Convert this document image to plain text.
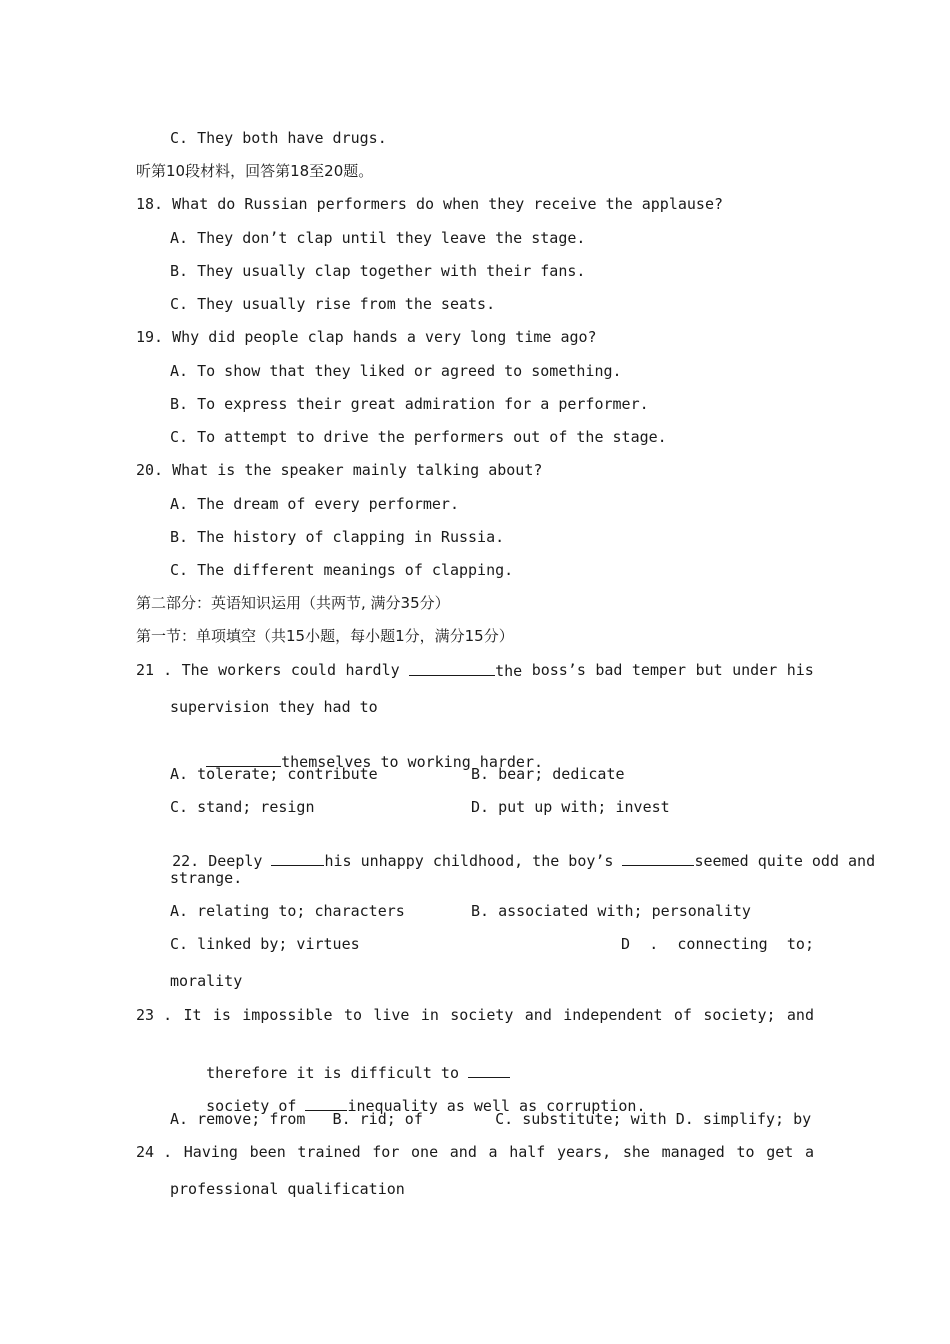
C. They both have drugs.
听第10段材料，回答第18至20题。
18. What do Russian performers do when they receive the applause?
A. They don’t clap until they leave the stage.
B. They usually clap together with their fans.
C. They usually rise from the seats.
19. Why did people clap hands a very long time ago?
A. To show that they liked or agreed to something.
B. To express their great admiration for a performer.
C. To attempt to drive the performers out of the stage.
20. What is the speaker mainly talking about?
A. The dream of every performer.
B. The history of clapping in Russia.
C. The different meanings of clapping.
第二部分：英语知识运用（共两节, 满分35分）
第一节：单项填空（共15小题，每小题1分，满分15分）
21 . The workers could hardly	the boss’s bad temper but under his
supervision they had to

themselves to working harder.

A. tolerate; contribute	B. bear; dedicate
C. stand; resign	D. put up with; invest

22. Deeply	his unhappy childhood, the boy’s	seemed quite odd and

strange.
A. relating to; characters	B. associated with; personality
C. linked by; virtues	D . connecting to;
morality
23 . It is impossible to live in society and independent of society; and

therefore it is difficult to

society of	inequality as well as corruption.

A. remove; from   B. rid; of        C. substitute; with D. simplify; by
24 . Having been trained for one and a half years, she managed to get a
professional qualification
